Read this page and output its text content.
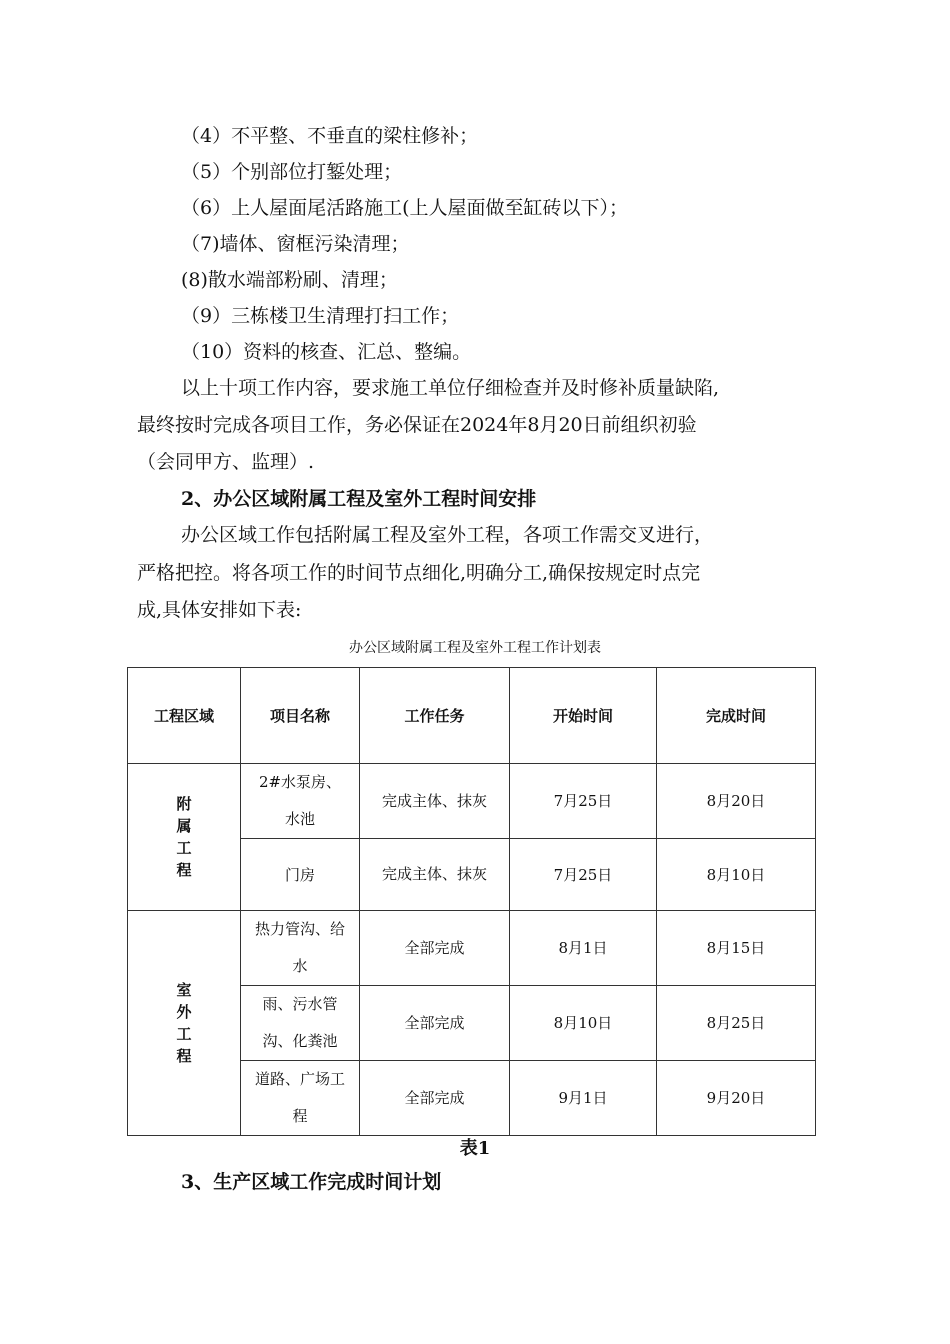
（4）不平整、不垂直的梁柱修补；
（5）个别部位打錾处理；
（6）上人屋面尾活路施工(上人屋面做至缸砖以下）；
（7)墙体、窗框污染清理；
(8)散水端部粉刷、清理；
（9）三栋楼卫生清理打扫工作；
（10）资料的核查、汇总、整编。
以上十项工作内容，要求施工单位仔细检查并及时修补质量缺陷,
最终按时完成各项目工作，务必保证在2024年8月20日前组织初验
（会同甲方、监理）.
2、办公区域附属工程及室外工程时间安排
办公区域工作包括附属工程及室外工程，各项工作需交叉进行，
严格把控。将各项工作的时间节点细化,明确分工,确保按规定时点完
成,具体安排如下表:
办公区域附属工程及室外工程工作计划表
工程区域	项目名称	工作任务	开始时间	完成时间

附属工程	2#水泵房、水池	完成主体、抹灰	7月25日	8月20日
	门房	完成主体、抹灰	7月25日	8月10日

室外工程	热力管沟、给水	全部完成	8月1日	8月15日
	雨、污水管沟、化粪池	全部完成	8月10日	8月25日
	道路、广场工程	全部完成	9月1日	9月20日
表1
3、生产区域工作完成时间计划
